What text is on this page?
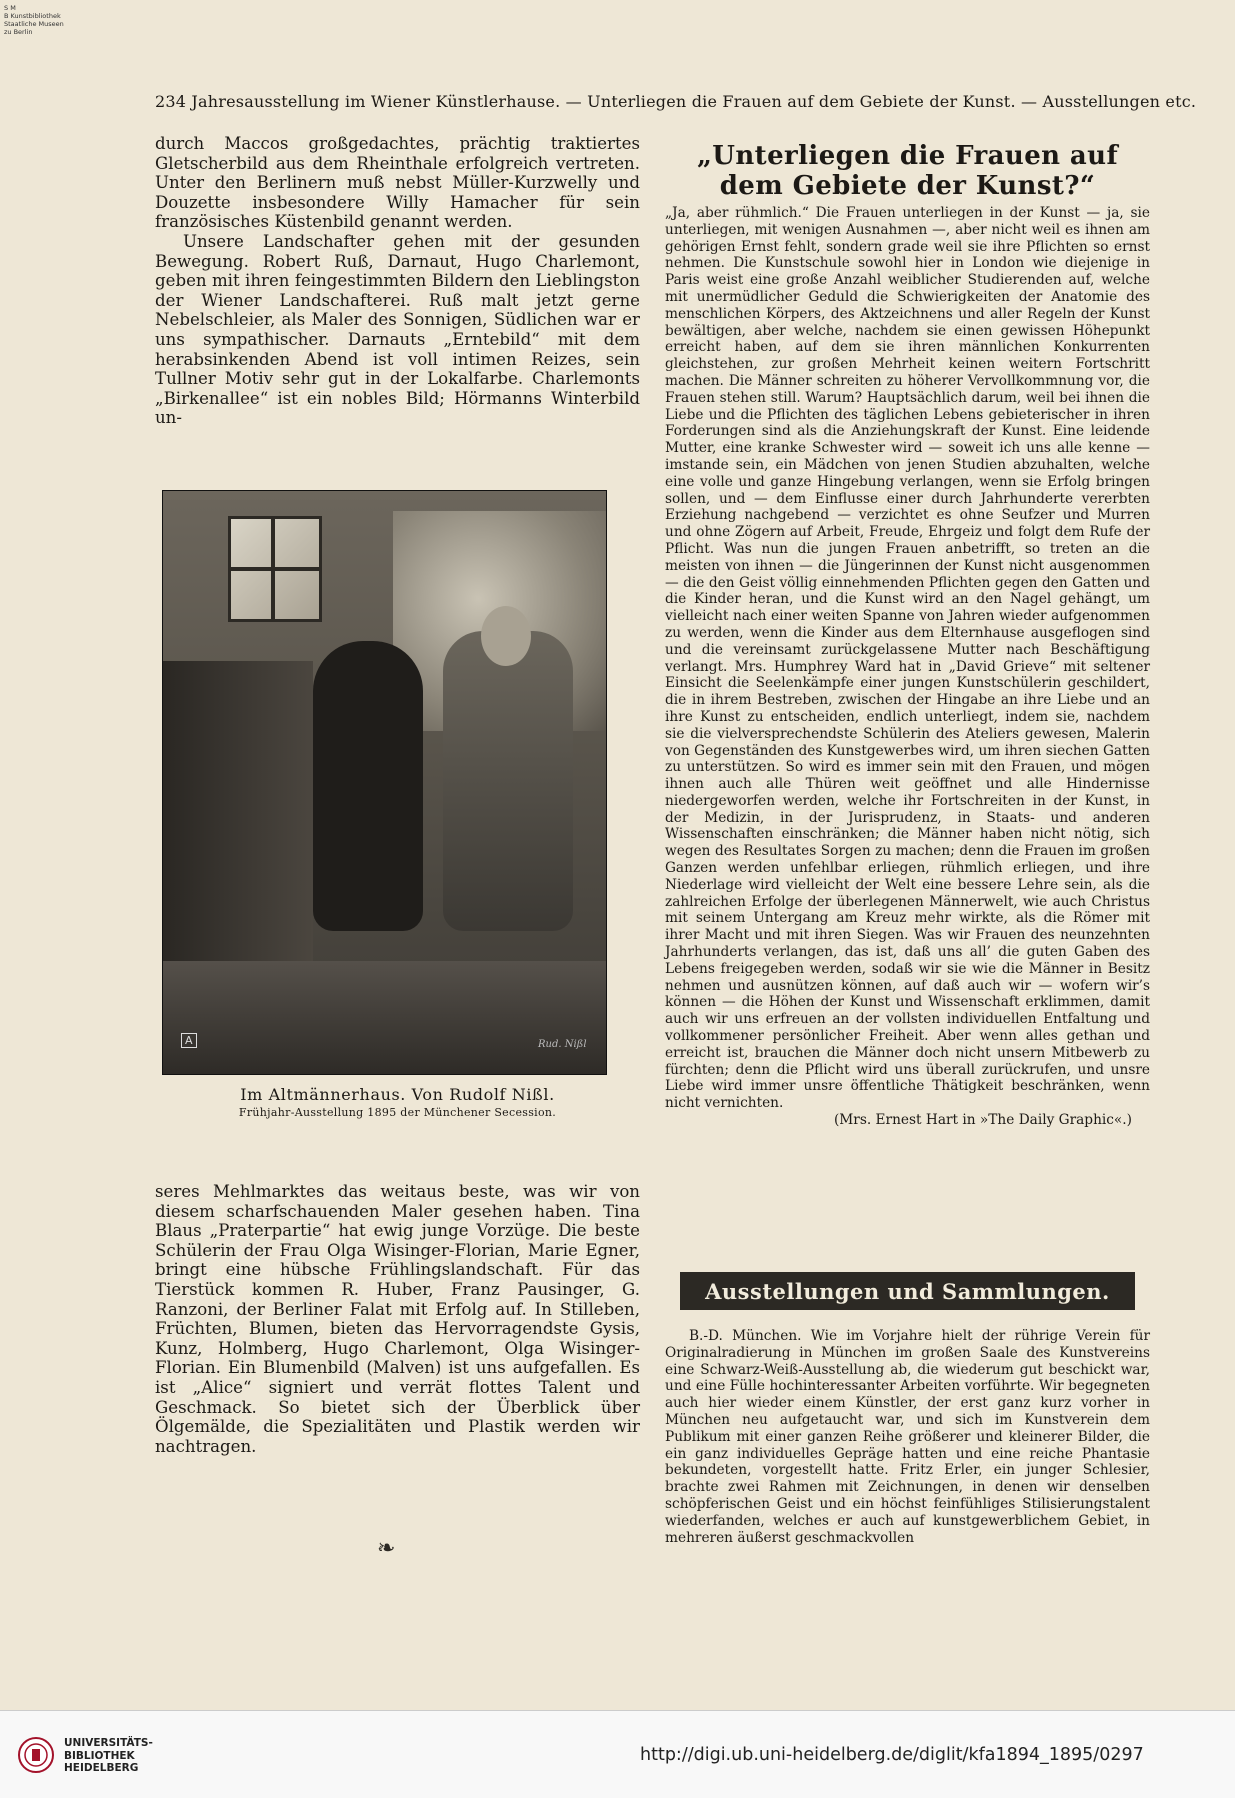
S M
B Kunstbibliothek
Staatliche Museen
zu Berlin
234 Jahresausstellung im Wiener Künstlerhause. — Unterliegen die Frauen auf dem Gebiete der Kunst. — Ausstellungen etc.

durch Maccos großgedachtes, prächtig traktiertes Gletscherbild aus dem Rheinthale erfolgreich vertreten. Unter den Berlinern muß nebst Müller-Kurzwelly und Douzette insbesondere Willy Hamacher für sein französisches Küstenbild genannt werden.

Unsere Landschafter gehen mit der gesunden Bewegung. Robert Ruß, Darnaut, Hugo Charlemont, geben mit ihren feingestimmten Bildern den Lieblingston der Wiener Landschafterei. Ruß malt jetzt gerne Nebelschleier, als Maler des Sonnigen, Südlichen war er uns sympathischer. Darnauts „Erntebild“ mit dem herabsinkenden Abend ist voll intimen Reizes, sein Tullner Motiv sehr gut in der Lokalfarbe. Charlemonts „Birkenallee“ ist ein nobles Bild; Hörmanns Winterbild un-

A	Rud. Nißl
Im Altmännerhaus. Von Rudolf Nißl.
Frühjahr-Ausstellung 1895 der Münchener Secession.

seres Mehlmarktes das weitaus beste, was wir von diesem scharfschauenden Maler gesehen haben. Tina Blaus „Praterpartie“ hat ewig junge Vorzüge. Die beste Schülerin der Frau Olga Wisinger-Florian, Marie Egner, bringt eine hübsche Frühlingslandschaft. Für das Tierstück kommen R. Huber, Franz Pausinger, G. Ranzoni, der Berliner Falat mit Erfolg auf. In Stilleben, Früchten, Blumen, bieten das Hervorragendste Gysis, Kunz, Holmberg, Hugo Charlemont, Olga Wisinger-Florian. Ein Blumenbild (Malven) ist uns aufgefallen. Es ist „Alice“ signiert und verrät flottes Talent und Geschmack. So bietet sich der Überblick über Ölgemälde, die Spezialitäten und Plastik werden wir nachtragen.

❧
„Unterliegen die Frauen auf dem Gebiete der Kunst?“

„Ja, aber rühmlich.“ Die Frauen unterliegen in der Kunst — ja, sie unterliegen, mit wenigen Ausnahmen —, aber nicht weil es ihnen am gehörigen Ernst fehlt, sondern grade weil sie ihre Pflichten so ernst nehmen. Die Kunstschule sowohl hier in London wie diejenige in Paris weist eine große Anzahl weiblicher Studierenden auf, welche mit unermüdlicher Geduld die Schwierigkeiten der Anatomie des menschlichen Körpers, des Aktzeichnens und aller Regeln der Kunst bewältigen, aber welche, nachdem sie einen gewissen Höhepunkt erreicht haben, auf dem sie ihren männlichen Konkurrenten gleichstehen, zur großen Mehrheit keinen weitern Fortschritt machen. Die Männer schreiten zu höherer Vervollkommnung vor, die Frauen stehen still. Warum? Hauptsächlich darum, weil bei ihnen die Liebe und die Pflichten des täglichen Lebens gebieterischer in ihren Forderungen sind als die Anziehungskraft der Kunst. Eine leidende Mutter, eine kranke Schwester wird — soweit ich uns alle kenne — imstande sein, ein Mädchen von jenen Studien abzuhalten, welche eine volle und ganze Hingebung verlangen, wenn sie Erfolg bringen sollen, und — dem Einflusse einer durch Jahrhunderte vererbten Erziehung nachgebend — verzichtet es ohne Seufzer und Murren und ohne Zögern auf Arbeit, Freude, Ehrgeiz und folgt dem Rufe der Pflicht. Was nun die jungen Frauen anbetrifft, so treten an die meisten von ihnen — die Jüngerinnen der Kunst nicht ausgenommen — die den Geist völlig einnehmenden Pflichten gegen den Gatten und die Kinder heran, und die Kunst wird an den Nagel gehängt, um vielleicht nach einer weiten Spanne von Jahren wieder aufgenommen zu werden, wenn die Kinder aus dem Elternhause ausgeflogen sind und die vereinsamt zurückgelassene Mutter nach Beschäftigung verlangt. Mrs. Humphrey Ward hat in „David Grieve“ mit seltener Einsicht die Seelenkämpfe einer jungen Kunstschülerin geschildert, die in ihrem Bestreben, zwischen der Hingabe an ihre Liebe und an ihre Kunst zu entscheiden, endlich unterliegt, indem sie, nachdem sie die vielversprechendste Schülerin des Ateliers gewesen, Malerin von Gegenständen des Kunstgewerbes wird, um ihren siechen Gatten zu unterstützen. So wird es immer sein mit den Frauen, und mögen ihnen auch alle Thüren weit geöffnet und alle Hindernisse niedergeworfen werden, welche ihr Fortschreiten in der Kunst, in der Medizin, in der Jurisprudenz, in Staats- und anderen Wissenschaften einschränken; die Männer haben nicht nötig, sich wegen des Resultates Sorgen zu machen; denn die Frauen im großen Ganzen werden unfehlbar erliegen, rühmlich erliegen, und ihre Niederlage wird vielleicht der Welt eine bessere Lehre sein, als die zahlreichen Erfolge der überlegenen Männerwelt, wie auch Christus mit seinem Untergang am Kreuz mehr wirkte, als die Römer mit ihrer Macht und mit ihren Siegen. Was wir Frauen des neunzehnten Jahrhunderts verlangen, das ist, daß uns all’ die guten Gaben des Lebens freigegeben werden, sodaß wir sie wie die Männer in Besitz nehmen und ausnützen können, auf daß auch wir — wofern wir’s können — die Höhen der Kunst und Wissenschaft erklimmen, damit auch wir uns erfreuen an der vollsten individuellen Entfaltung und vollkommener persönlicher Freiheit. Aber wenn alles gethan und erreicht ist, brauchen die Männer doch nicht unsern Mitbewerb zu fürchten; denn die Pflicht wird uns überall zurückrufen, und unsre Liebe wird immer unsre öffentliche Thätigkeit beschränken, wenn nicht vernichten.

(Mrs. Ernest Hart in »The Daily Graphic«.)

Ausstellungen und Sammlungen.

B.-D. München. Wie im Vorjahre hielt der rührige Verein für Originalradierung in München im großen Saale des Kunstvereins eine Schwarz-Weiß-Ausstellung ab, die wiederum gut beschickt war, und eine Fülle hochinteressanter Arbeiten vorführte. Wir begegneten auch hier wieder einem Künstler, der erst ganz kurz vorher in München neu aufgetaucht war, und sich im Kunstverein dem Publikum mit einer ganzen Reihe größerer und kleinerer Bilder, die ein ganz individuelles Gepräge hatten und eine reiche Phantasie bekundeten, vorgestellt hatte. Fritz Erler, ein junger Schlesier, brachte zwei Rahmen mit Zeichnungen, in denen wir denselben schöpferischen Geist und ein höchst feinfühliges Stilisierungstalent wiederfanden, welches er auch auf kunstgewerblichem Gebiet, in mehreren äußerst geschmackvollen

UNIVERSITÄTS-
BIBLIOTHEK
HEIDELBERG
http://digi.ub.uni-heidelberg.de/diglit/kfa1894_1895/0297
